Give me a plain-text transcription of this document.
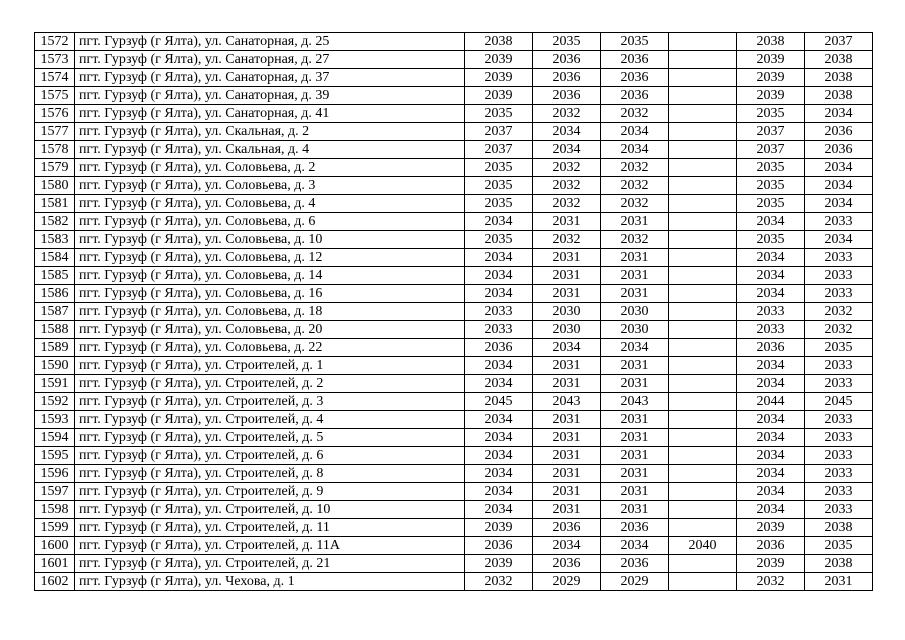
1572	пгт. Гурзуф (г Ялта), ул. Санаторная, д. 25	2038	2035	2035		2038	2037
1573	пгт. Гурзуф (г Ялта), ул. Санаторная, д. 27	2039	2036	2036		2039	2038
1574	пгт. Гурзуф (г Ялта), ул. Санаторная, д. 37	2039	2036	2036		2039	2038
1575	пгт. Гурзуф (г Ялта), ул. Санаторная, д. 39	2039	2036	2036		2039	2038
1576	пгт. Гурзуф (г Ялта), ул. Санаторная, д. 41	2035	2032	2032		2035	2034
1577	пгт. Гурзуф (г Ялта), ул. Скальная, д. 2	2037	2034	2034		2037	2036
1578	пгт. Гурзуф (г Ялта), ул. Скальная, д. 4	2037	2034	2034		2037	2036
1579	пгт. Гурзуф (г Ялта), ул. Соловьева, д. 2	2035	2032	2032		2035	2034
1580	пгт. Гурзуф (г Ялта), ул. Соловьева, д. 3	2035	2032	2032		2035	2034
1581	пгт. Гурзуф (г Ялта), ул. Соловьева, д. 4	2035	2032	2032		2035	2034
1582	пгт. Гурзуф (г Ялта), ул. Соловьева, д. 6	2034	2031	2031		2034	2033
1583	пгт. Гурзуф (г Ялта), ул. Соловьева, д. 10	2035	2032	2032		2035	2034
1584	пгт. Гурзуф (г Ялта), ул. Соловьева, д. 12	2034	2031	2031		2034	2033
1585	пгт. Гурзуф (г Ялта), ул. Соловьева, д. 14	2034	2031	2031		2034	2033
1586	пгт. Гурзуф (г Ялта), ул. Соловьева, д. 16	2034	2031	2031		2034	2033
1587	пгт. Гурзуф (г Ялта), ул. Соловьева, д. 18	2033	2030	2030		2033	2032
1588	пгт. Гурзуф (г Ялта), ул. Соловьева, д. 20	2033	2030	2030		2033	2032
1589	пгт. Гурзуф (г Ялта), ул. Соловьева, д. 22	2036	2034	2034		2036	2035
1590	пгт. Гурзуф (г Ялта), ул. Строителей, д. 1	2034	2031	2031		2034	2033
1591	пгт. Гурзуф (г Ялта), ул. Строителей, д. 2	2034	2031	2031		2034	2033
1592	пгт. Гурзуф (г Ялта), ул. Строителей, д. 3	2045	2043	2043		2044	2045
1593	пгт. Гурзуф (г Ялта), ул. Строителей, д. 4	2034	2031	2031		2034	2033
1594	пгт. Гурзуф (г Ялта), ул. Строителей, д. 5	2034	2031	2031		2034	2033
1595	пгт. Гурзуф (г Ялта), ул. Строителей, д. 6	2034	2031	2031		2034	2033
1596	пгт. Гурзуф (г Ялта), ул. Строителей, д. 8	2034	2031	2031		2034	2033
1597	пгт. Гурзуф (г Ялта), ул. Строителей, д. 9	2034	2031	2031		2034	2033
1598	пгт. Гурзуф (г Ялта), ул. Строителей, д. 10	2034	2031	2031		2034	2033
1599	пгт. Гурзуф (г Ялта), ул. Строителей, д. 11	2039	2036	2036		2039	2038
1600	пгт. Гурзуф (г Ялта), ул. Строителей, д. 11А	2036	2034	2034	2040	2036	2035
1601	пгт. Гурзуф (г Ялта), ул. Строителей, д. 21	2039	2036	2036		2039	2038
1602	пгт. Гурзуф (г Ялта), ул. Чехова, д. 1	2032	2029	2029		2032	2031
